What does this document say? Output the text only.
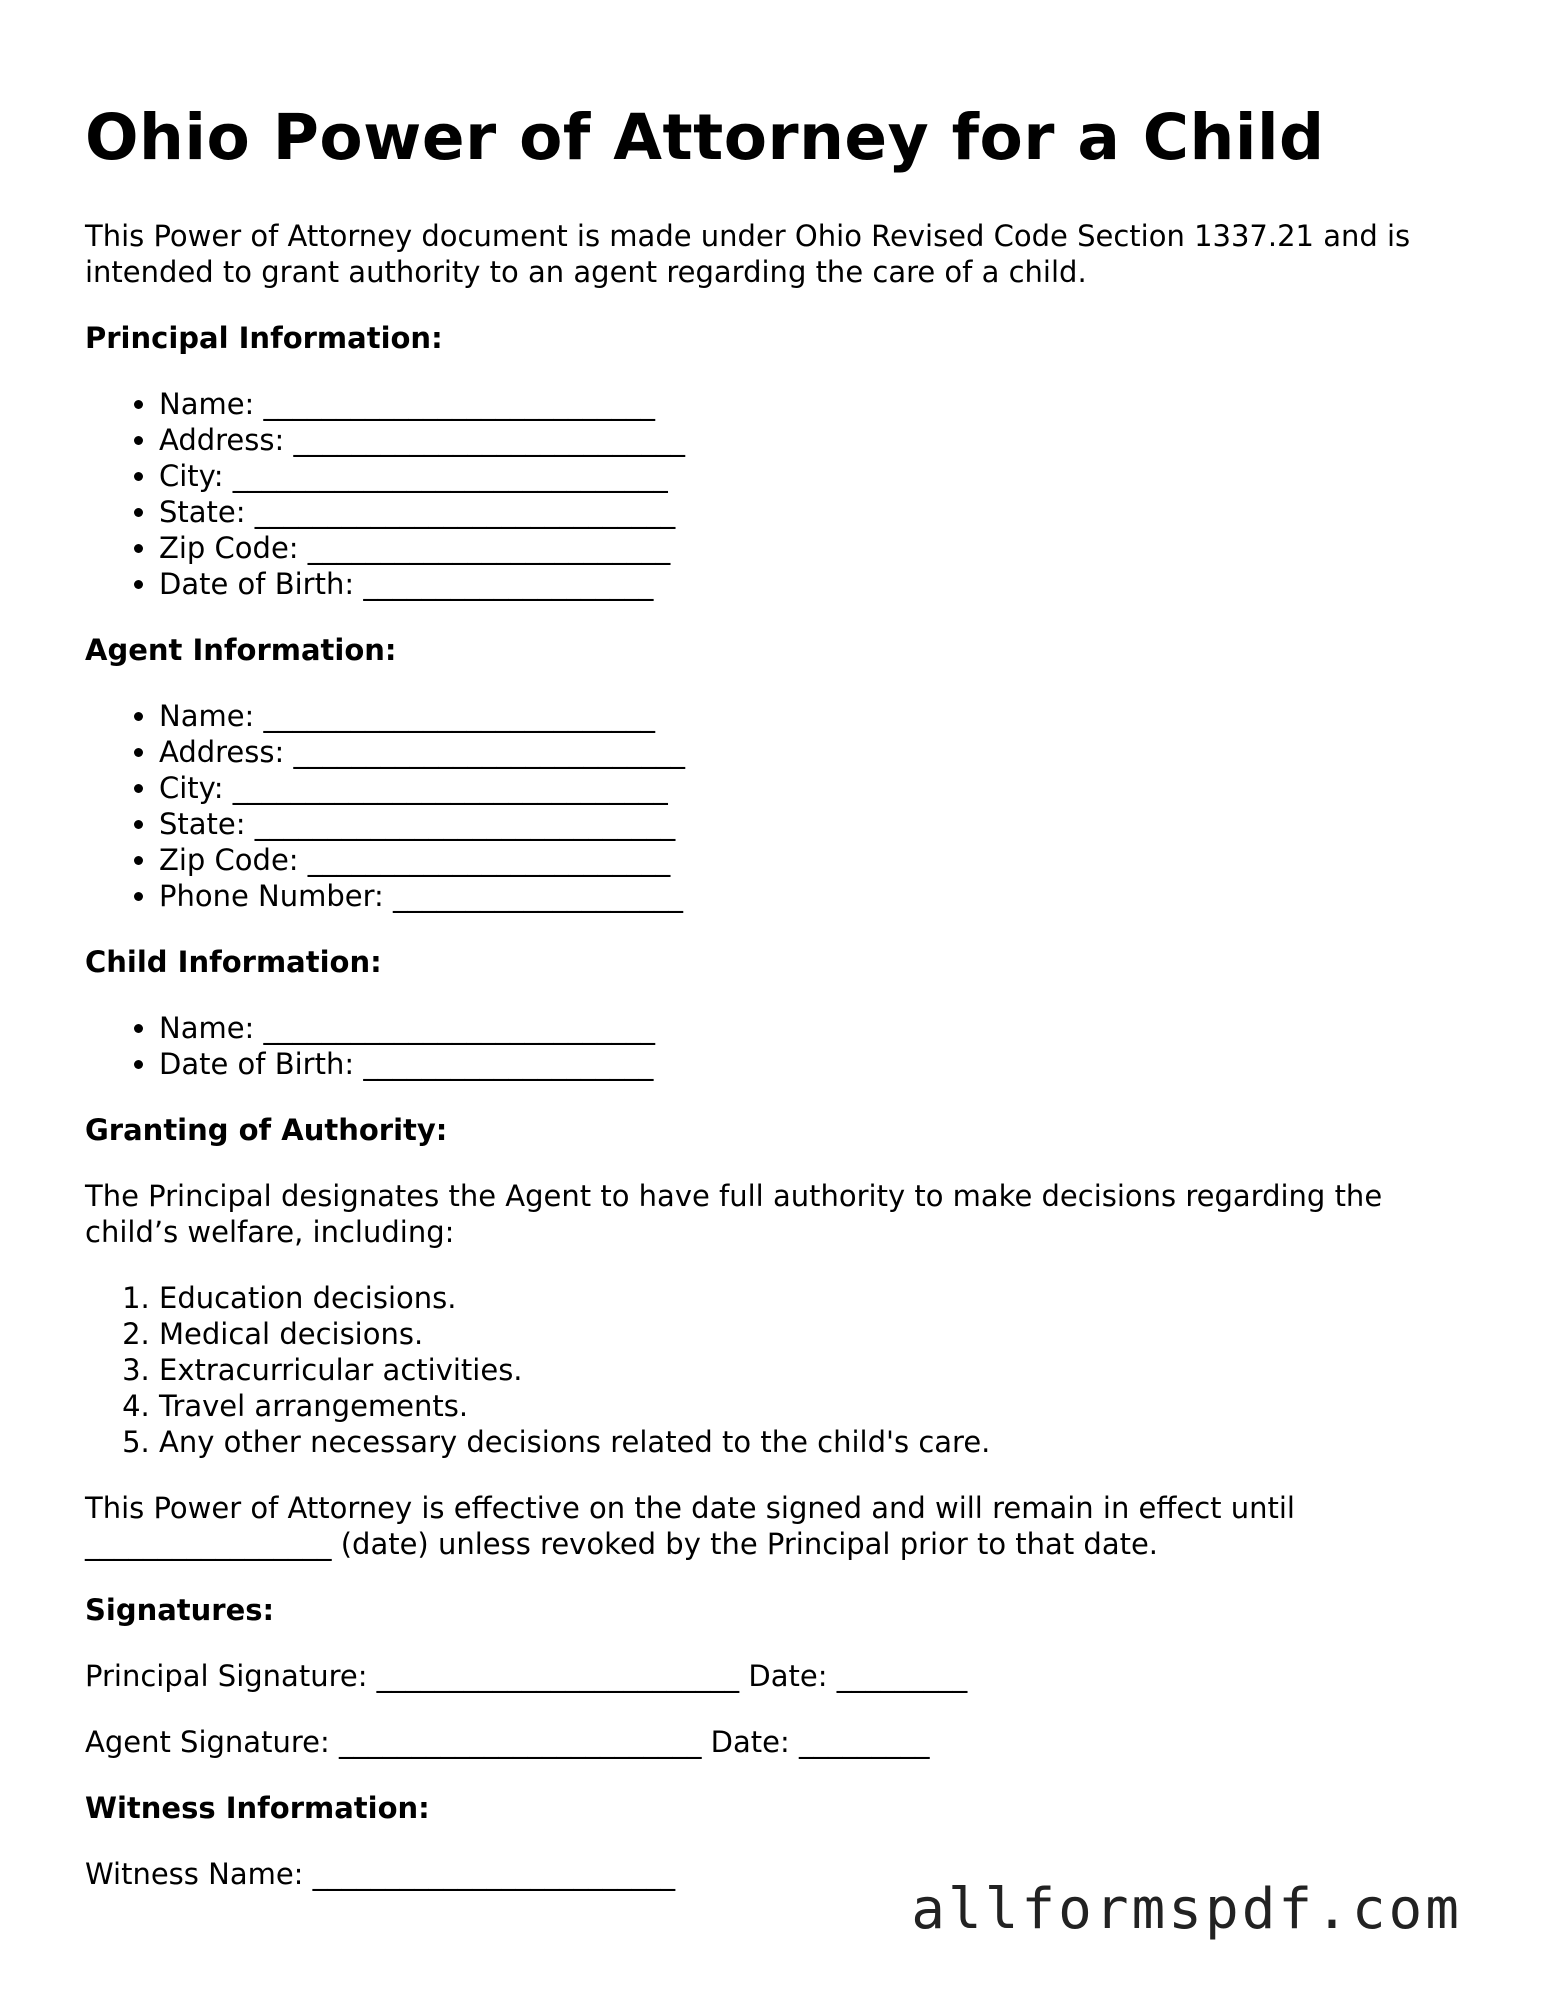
Ohio Power of Attorney for a Child

This Power of Attorney document is made under Ohio Revised Code Section 1337.21 and is intended to grant authority to an agent regarding the care of a child.

Principal Information:
• Name: ___________________________
• Address: ___________________________
• City: ______________________________
• State: _____________________________
• Zip Code: _________________________
• Date of Birth: ____________________
Agent Information:
• Name: ___________________________
• Address: ___________________________
• City: ______________________________
• State: _____________________________
• Zip Code: _________________________
• Phone Number: ____________________
Child Information:
• Name: ___________________________
• Date of Birth: ____________________
Granting of Authority:

The Principal designates the Agent to have full authority to make decisions regarding the child’s welfare, including:

1. Education decisions.
2. Medical decisions.
3. Extracurricular activities.
4. Travel arrangements.
5. Any other necessary decisions related to the child's care.

This Power of Attorney is effective on the date signed and will remain in effect until _________________ (date) unless revoked by the Principal prior to that date.

Signatures:
Principal Signature: _________________________ Date: _________
Agent Signature: _________________________ Date: _________
Witness Information:
Witness Name: _________________________
allformspdf.com
